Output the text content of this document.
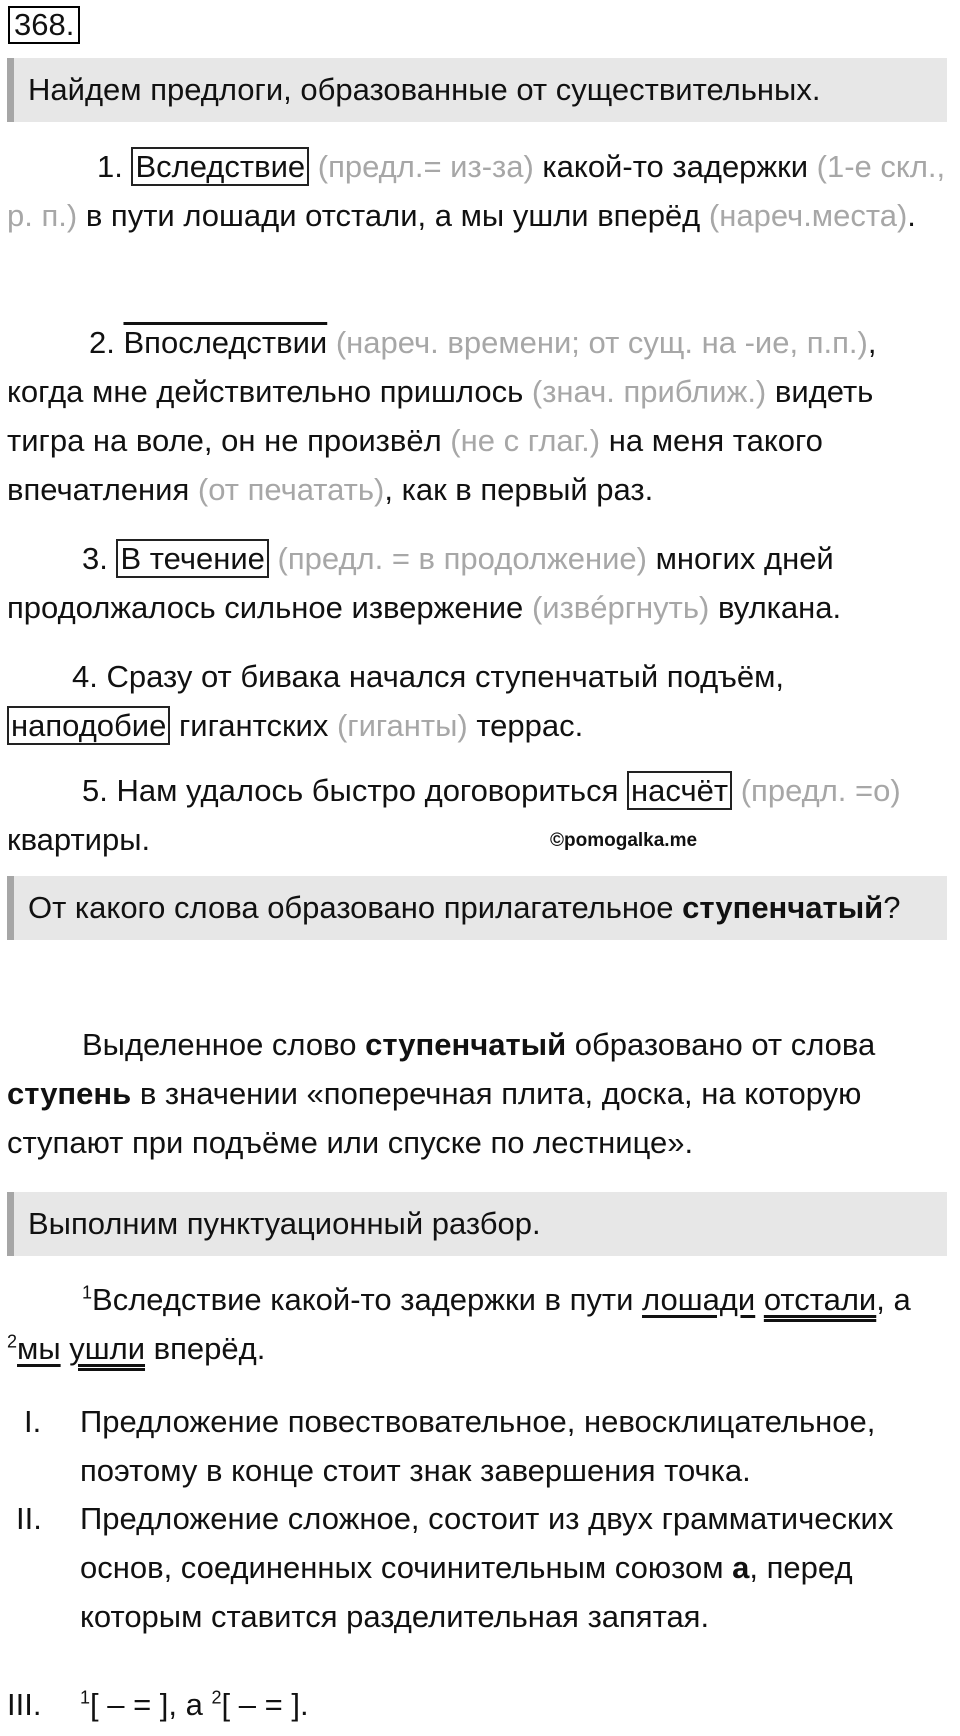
368.
Найдем предлоги, образованные от существительных.

1. Вследствие (предл.= из-за) какой-то задержки (1-е скл., р. п.) в пути лошади отстали, а мы ушли вперёд (нареч.места).

2. Впоследствии (нареч. времени; от сущ. на -ие, п.п.), когда мне действительно пришлось (знач. приближ.) видеть тигра на воле, он не произвёл (не с глаг.) на меня такого впечатления (от печатать), как в первый раз.

3. В течение (предл. = в продолжение) многих дней продолжалось сильное извержение (извéргнуть) вулкана.

4. Сразу от бивака начался ступенчатый подъём, наподобие гигантских (гиганты) террас.

5. Нам удалось быстро договориться насчёт (предл. =о) квартиры.	©pomogalka.me
От какого слова образовано прилагательное ступенчатый?

Выделенное слово ступенчатый образовано от слова ступень в значении «поперечная плита, доска, на которую ступают при подъёме или спуске по лестнице».

Выполним пунктуационный разбор.

$^1$Вследствие какой-то задержки в пути лошади отстали, а $^2$мы ушли вперёд.

I. Предложение повествовательное, невосклицательное, поэтому в конце стоит знак завершения точка.

II. Предложение сложное, состоит из двух грамматических основ, соединенных сочинительным союзом а, перед которым ставится разделительная запятая.

III. $^1$[ – = ], а $^2$[ – = ].
